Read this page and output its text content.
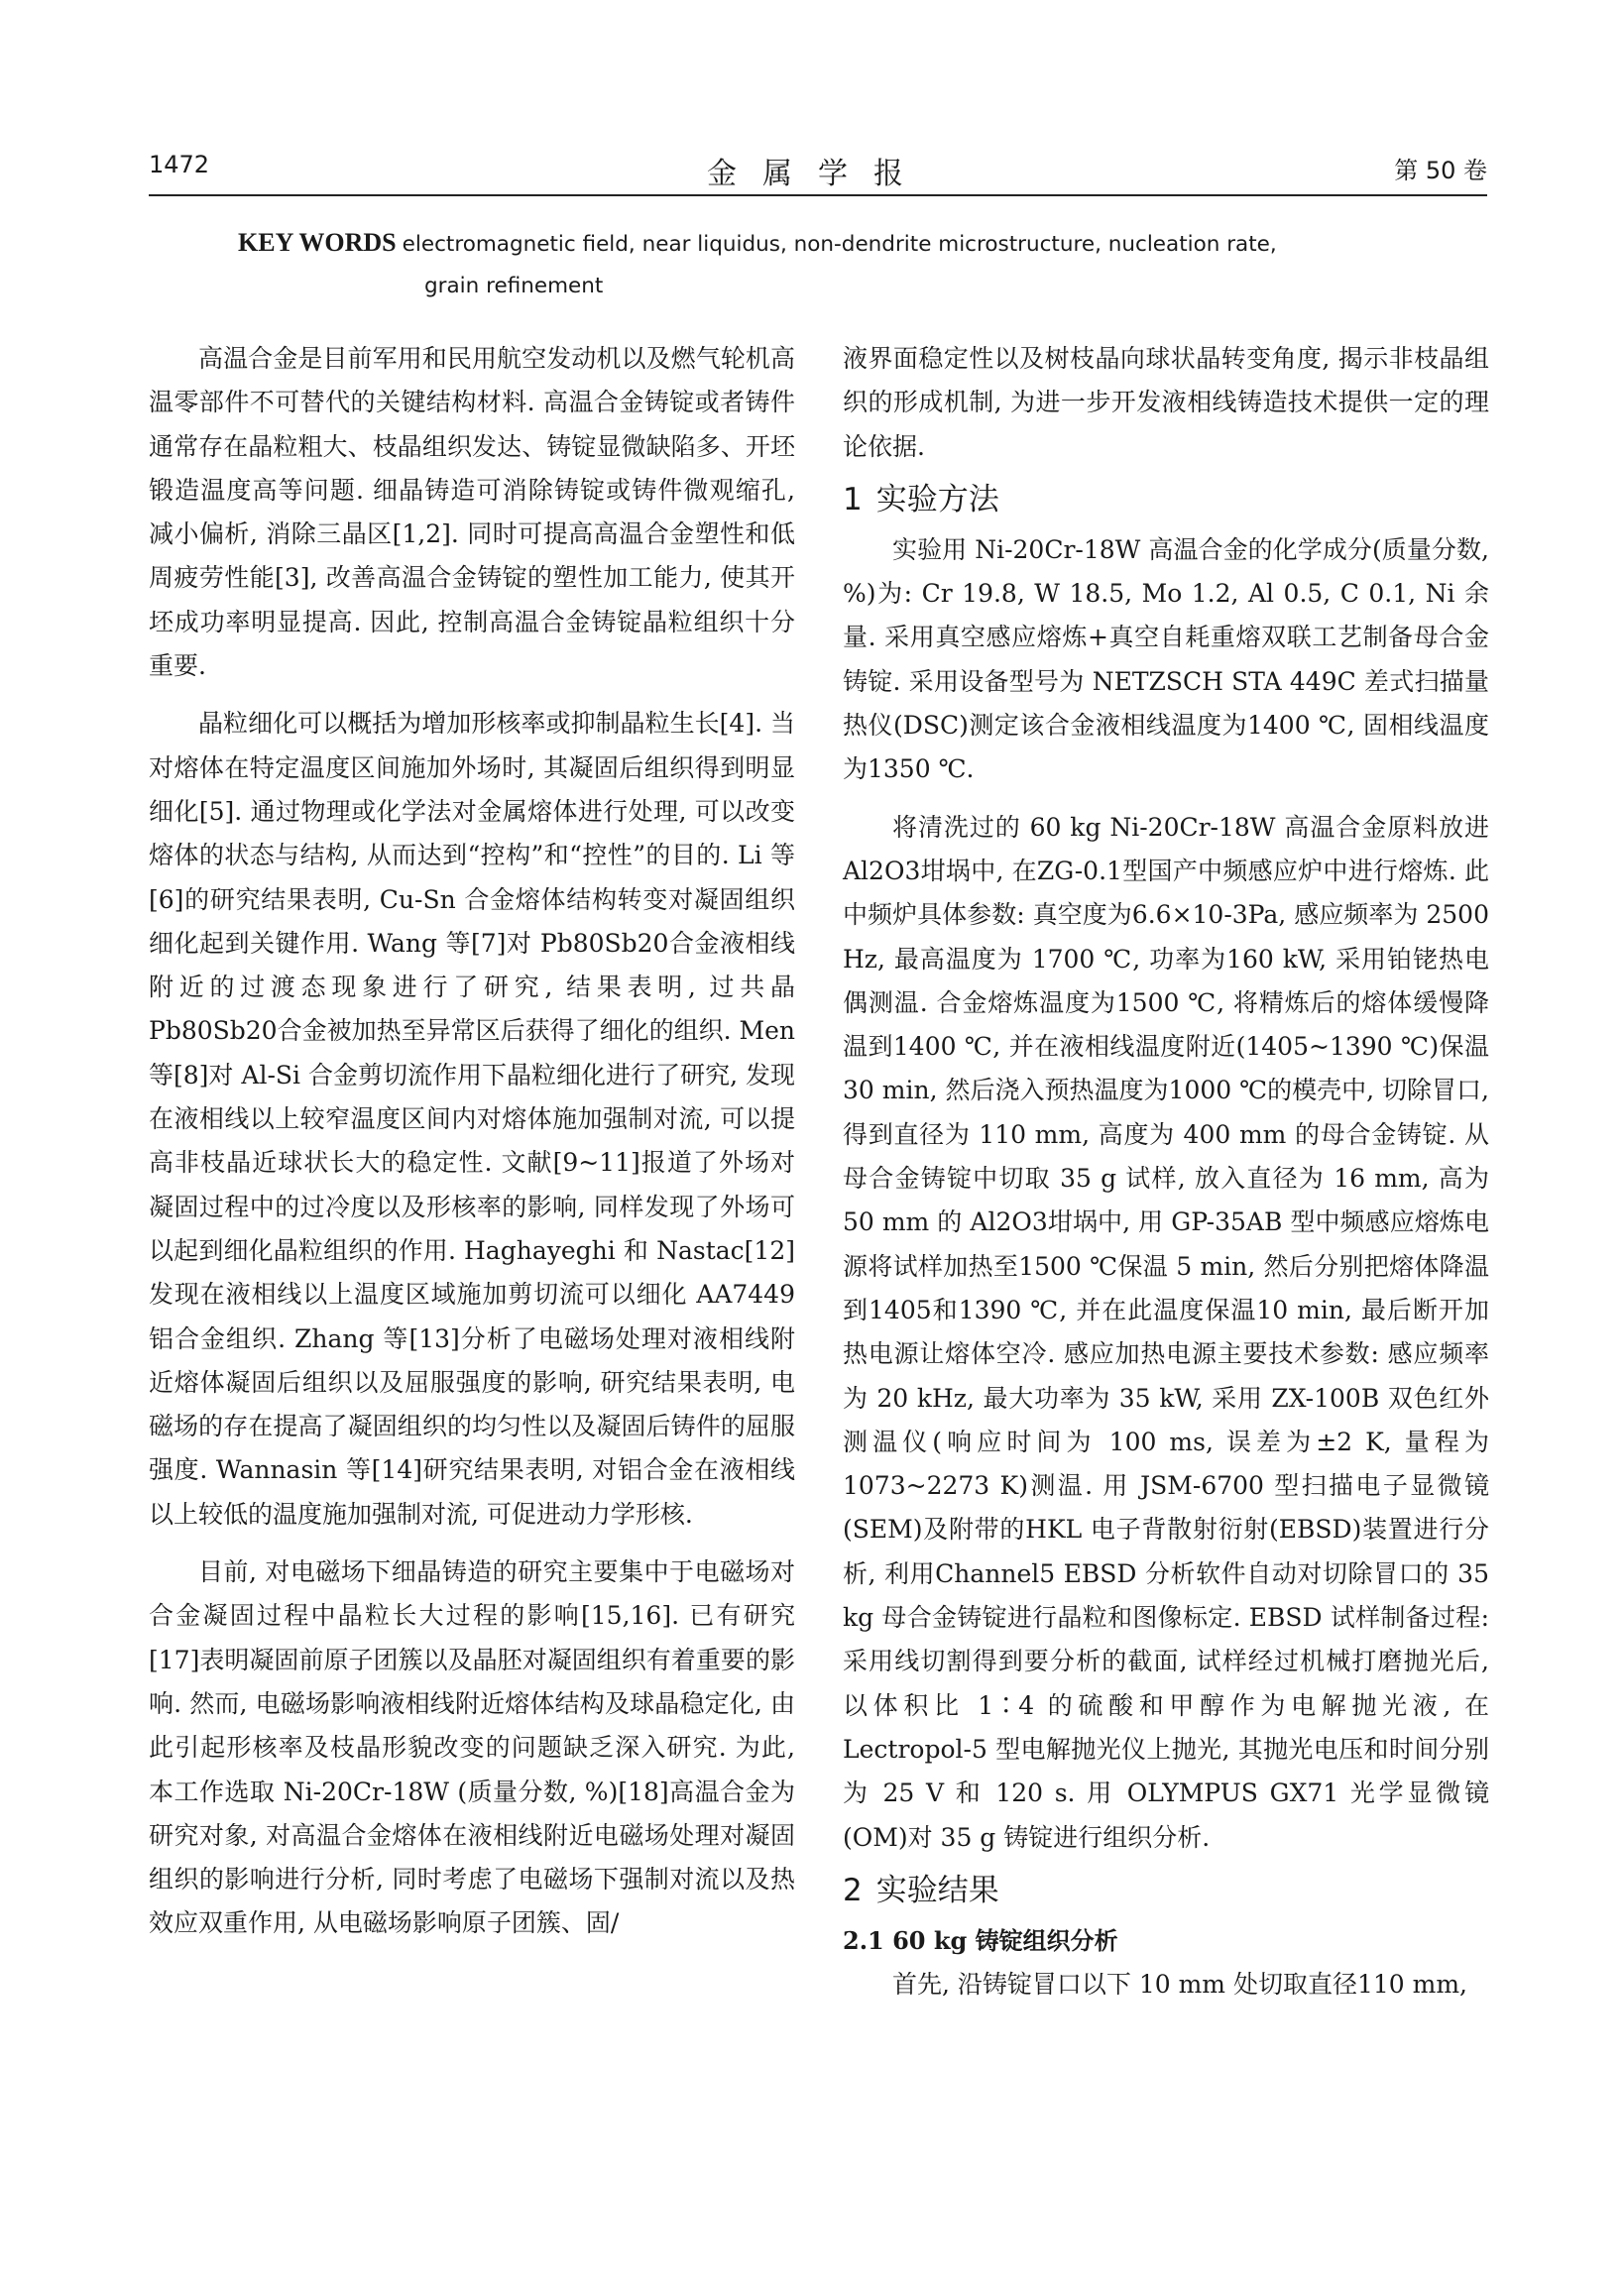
1472	金属学报	第 50 卷
KEY WORDS electromagnetic field, near liquidus, non-dendrite microstructure, nucleation rate,
grain refinement

高温合金是目前军用和民用航空发动机以及燃气轮机高温零部件不可替代的关键结构材料. 高温合金铸锭或者铸件通常存在晶粒粗大、枝晶组织发达、铸锭显微缺陷多、开坯锻造温度高等问题. 细晶铸造可消除铸锭或铸件微观缩孔, 减小偏析, 消除三晶区[1,2]. 同时可提高高温合金塑性和低周疲劳性能[3], 改善高温合金铸锭的塑性加工能力, 使其开坯成功率明显提高. 因此, 控制高温合金铸锭晶粒组织十分重要.

晶粒细化可以概括为增加形核率或抑制晶粒生长[4]. 当对熔体在特定温度区间施加外场时, 其凝固后组织得到明显细化[5]. 通过物理或化学法对金属熔体进行处理, 可以改变熔体的状态与结构, 从而达到“控构”和“控性”的目的. Li 等[6]的研究结果表明, Cu-Sn 合金熔体结构转变对凝固组织细化起到关键作用. Wang 等[7]对 Pb80Sb20合金液相线附近的过渡态现象进行了研究, 结果表明, 过共晶 Pb80Sb20合金被加热至异常区后获得了细化的组织. Men 等[8]对 Al-Si 合金剪切流作用下晶粒细化进行了研究, 发现在液相线以上较窄温度区间内对熔体施加强制对流, 可以提高非枝晶近球状长大的稳定性. 文献[9~11]报道了外场对凝固过程中的过冷度以及形核率的影响, 同样发现了外场可以起到细化晶粒组织的作用. Haghayeghi 和 Nastac[12]发现在液相线以上温度区域施加剪切流可以细化 AA7449 铝合金组织. Zhang 等[13]分析了电磁场处理对液相线附近熔体凝固后组织以及屈服强度的影响, 研究结果表明, 电磁场的存在提高了凝固组织的均匀性以及凝固后铸件的屈服强度. Wannasin 等[14]研究结果表明, 对铝合金在液相线以上较低的温度施加强制对流, 可促进动力学形核.

目前, 对电磁场下细晶铸造的研究主要集中于电磁场对合金凝固过程中晶粒长大过程的影响[15,16]. 已有研究[17]表明凝固前原子团簇以及晶胚对凝固组织有着重要的影响. 然而, 电磁场影响液相线附近熔体结构及球晶稳定化, 由此引起形核率及枝晶形貌改变的问题缺乏深入研究. 为此, 本工作选取 Ni-20Cr-18W (质量分数, %)[18]高温合金为研究对象, 对高温合金熔体在液相线附近电磁场处理对凝固组织的影响进行分析, 同时考虑了电磁场下强制对流以及热效应双重作用, 从电磁场影响原子团簇、固/

液界面稳定性以及树枝晶向球状晶转变角度, 揭示非枝晶组织的形成机制, 为进一步开发液相线铸造技术提供一定的理论依据.

1 实验方法

实验用 Ni-20Cr-18W 高温合金的化学成分(质量分数, %)为: Cr 19.8, W 18.5, Mo 1.2, Al 0.5, C 0.1, Ni 余量. 采用真空感应熔炼+真空自耗重熔双联工艺制备母合金铸锭. 采用设备型号为 NETZSCH STA 449C 差式扫描量热仪(DSC)测定该合金液相线温度为1400 ℃, 固相线温度为1350 ℃.

将清洗过的 60 kg Ni-20Cr-18W 高温合金原料放进Al2O3坩埚中, 在ZG-0.1型国产中频感应炉中进行熔炼. 此中频炉具体参数: 真空度为6.6×10-3Pa, 感应频率为 2500 Hz, 最高温度为 1700 ℃, 功率为160 kW, 采用铂铑热电偶测温. 合金熔炼温度为1500 ℃, 将精炼后的熔体缓慢降温到1400 ℃, 并在液相线温度附近(1405~1390 ℃)保温 30 min, 然后浇入预热温度为1000 ℃的模壳中, 切除冒口, 得到直径为 110 mm, 高度为 400 mm 的母合金铸锭. 从母合金铸锭中切取 35 g 试样, 放入直径为 16 mm, 高为 50 mm 的 Al2O3坩埚中, 用 GP-35AB 型中频感应熔炼电源将试样加热至1500 ℃保温 5 min, 然后分别把熔体降温到1405和1390 ℃, 并在此温度保温10 min, 最后断开加热电源让熔体空冷. 感应加热电源主要技术参数: 感应频率为 20 kHz, 最大功率为 35 kW, 采用 ZX-100B 双色红外测温仪(响应时间为 100 ms, 误差为±2 K, 量程为1073~2273 K)测温. 用 JSM-6700 型扫描电子显微镜(SEM)及附带的HKL 电子背散射衍射(EBSD)装置进行分析, 利用Channel5 EBSD 分析软件自动对切除冒口的 35 kg 母合金铸锭进行晶粒和图像标定. EBSD 试样制备过程: 采用线切割得到要分析的截面, 试样经过机械打磨抛光后, 以体积比 1∶4 的硫酸和甲醇作为电解抛光液, 在 Lectropol-5 型电解抛光仪上抛光, 其抛光电压和时间分别为 25 V 和 120 s. 用 OLYMPUS GX71 光学显微镜(OM)对 35 g 铸锭进行组织分析.

2 实验结果
2.1 60 kg 铸锭组织分析

首先, 沿铸锭冒口以下 10 mm 处切取直径110 mm,
